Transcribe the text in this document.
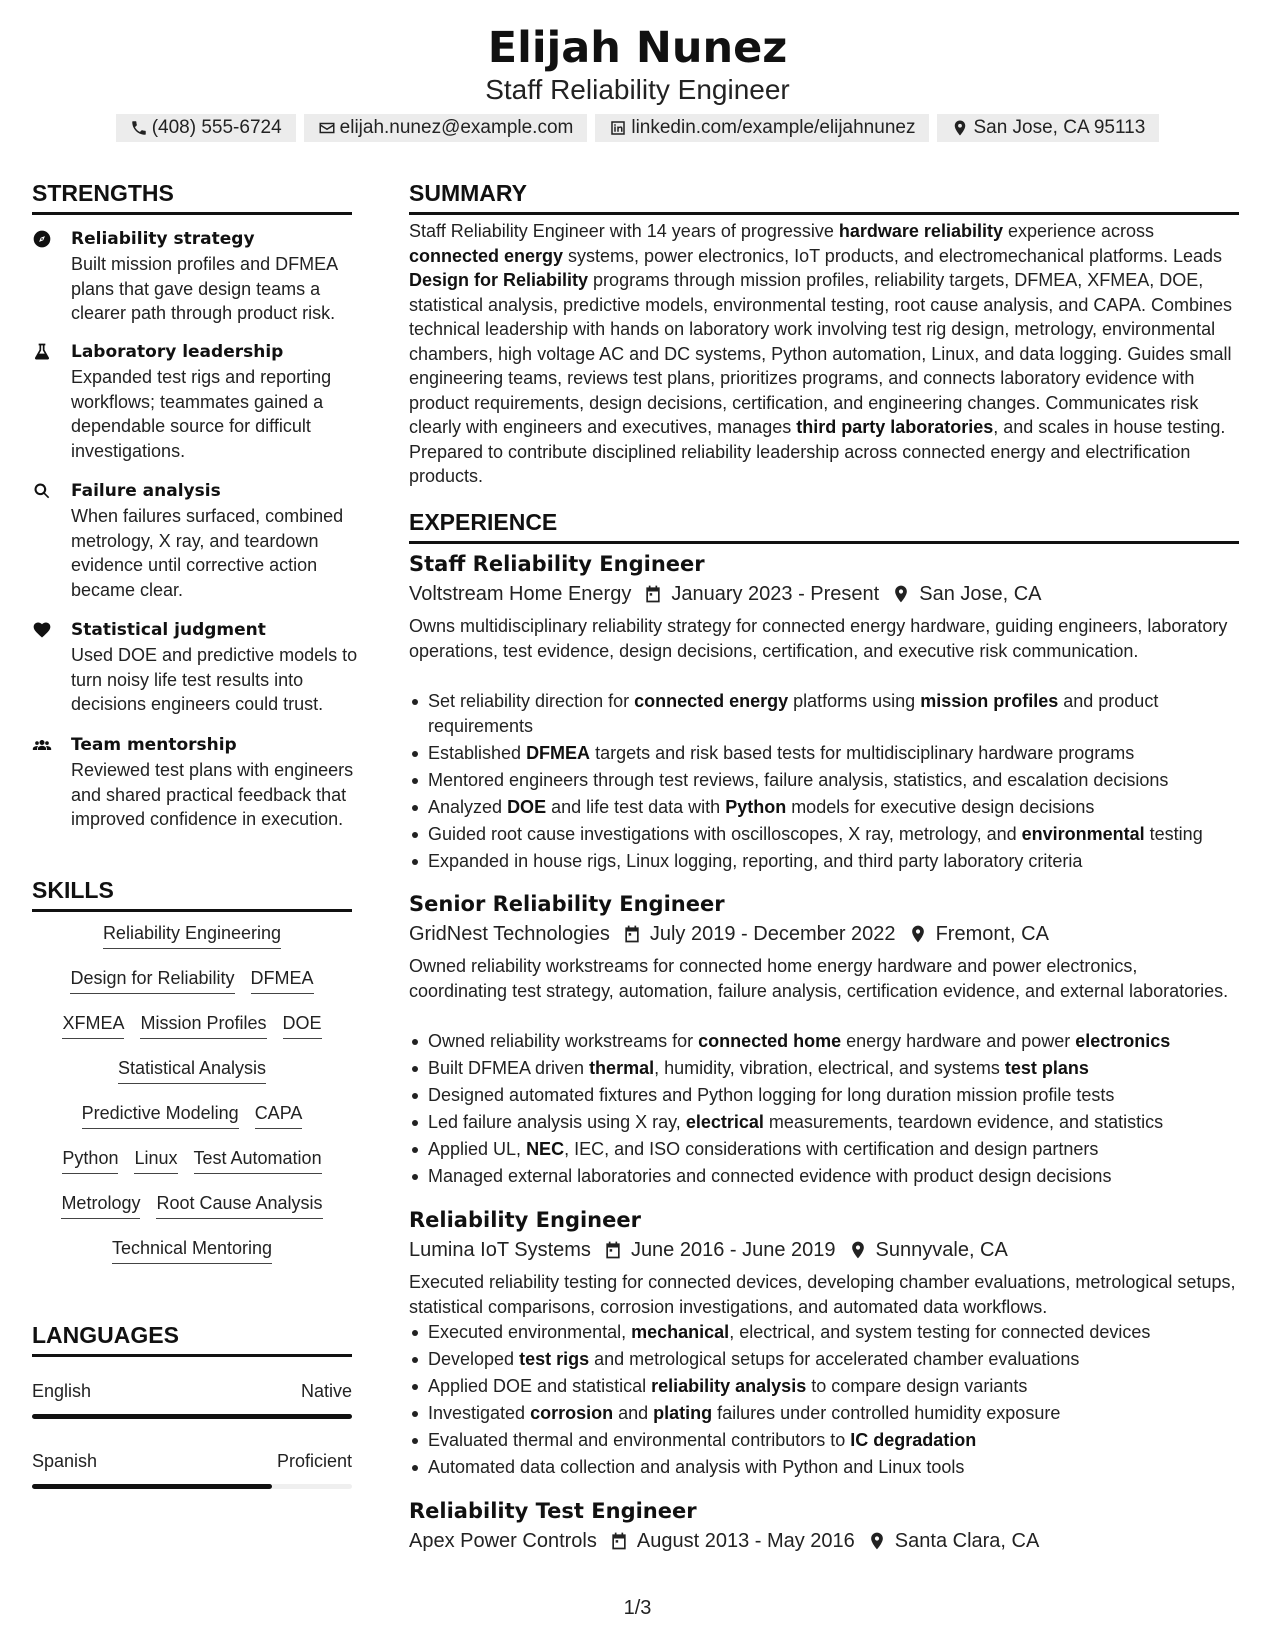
Elijah Nunez
Staff Reliability Engineer
(408) 555-6724	elijah.nunez@example.com	linkedin.com/example/elijahnunez	San Jose, CA 95113
STRENGTHS
Reliability strategy
Built mission profiles and DFMEA plans that gave design teams a clearer path through product risk.
Laboratory leadership
Expanded test rigs and reporting workflows; teammates gained a dependable source for difficult investigations.
Failure analysis
When failures surfaced, combined metrology, X ray, and teardown evidence until corrective action became clear.
Statistical judgment
Used DOE and predictive models to turn noisy life test results into decisions engineers could trust.
Team mentorship
Reviewed test plans with engineers and shared practical feedback that improved confidence in execution.
SKILLS
Reliability Engineering
Design for Reliability DFMEA
XFMEA Mission Profiles DOE
Statistical Analysis
Predictive Modeling CAPA
Python Linux Test Automation
Metrology Root Cause Analysis
Technical Mentoring
LANGUAGES
English	Native
Spanish	Proficient
SUMMARY
Staff Reliability Engineer with 14 years of progressive hardware reliability experience across connected energy systems, power electronics, IoT products, and electromechanical platforms. Leads Design for Reliability programs through mission profiles, reliability targets, DFMEA, XFMEA, DOE, statistical analysis, predictive models, environmental testing, root cause analysis, and CAPA. Combines technical leadership with hands on laboratory work involving test rig design, metrology, environmental chambers, high voltage AC and DC systems, Python automation, Linux, and data logging. Guides small engineering teams, reviews test plans, prioritizes programs, and connects laboratory evidence with product requirements, design decisions, certification, and engineering changes. Communicates risk clearly with engineers and executives, manages third party laboratories, and scales in house testing. Prepared to contribute disciplined reliability leadership across connected energy and electrification products.
EXPERIENCE
Staff Reliability Engineer
Voltstream Home Energy January 2023 - Present San Jose, CA
Owns multidisciplinary reliability strategy for connected energy hardware, guiding engineers, laboratory operations, test evidence, design decisions, certification, and executive risk communication.
Set reliability direction for connected energy platforms using mission profiles and product requirements
Established DFMEA targets and risk based tests for multidisciplinary hardware programs
Mentored engineers through test reviews, failure analysis, statistics, and escalation decisions
Analyzed DOE and life test data with Python models for executive design decisions
Guided root cause investigations with oscilloscopes, X ray, metrology, and environmental testing
Expanded in house rigs, Linux logging, reporting, and third party laboratory criteria
Senior Reliability Engineer
GridNest Technologies July 2019 - December 2022 Fremont, CA
Owned reliability workstreams for connected home energy hardware and power electronics, coordinating test strategy, automation, failure analysis, certification evidence, and external laboratories.
Owned reliability workstreams for connected home energy hardware and power electronics
Built DFMEA driven thermal, humidity, vibration, electrical, and systems test plans
Designed automated fixtures and Python logging for long duration mission profile tests
Led failure analysis using X ray, electrical measurements, teardown evidence, and statistics
Applied UL, NEC, IEC, and ISO considerations with certification and design partners
Managed external laboratories and connected evidence with product design decisions
Reliability Engineer
Lumina IoT Systems June 2016 - June 2019 Sunnyvale, CA
Executed reliability testing for connected devices, developing chamber evaluations, metrological setups, statistical comparisons, corrosion investigations, and automated data workflows.
Executed environmental, mechanical, electrical, and system testing for connected devices
Developed test rigs and metrological setups for accelerated chamber evaluations
Applied DOE and statistical reliability analysis to compare design variants
Investigated corrosion and plating failures under controlled humidity exposure
Evaluated thermal and environmental contributors to IC degradation
Automated data collection and analysis with Python and Linux tools
Reliability Test Engineer
Apex Power Controls August 2013 - May 2016 Santa Clara, CA
1/3
